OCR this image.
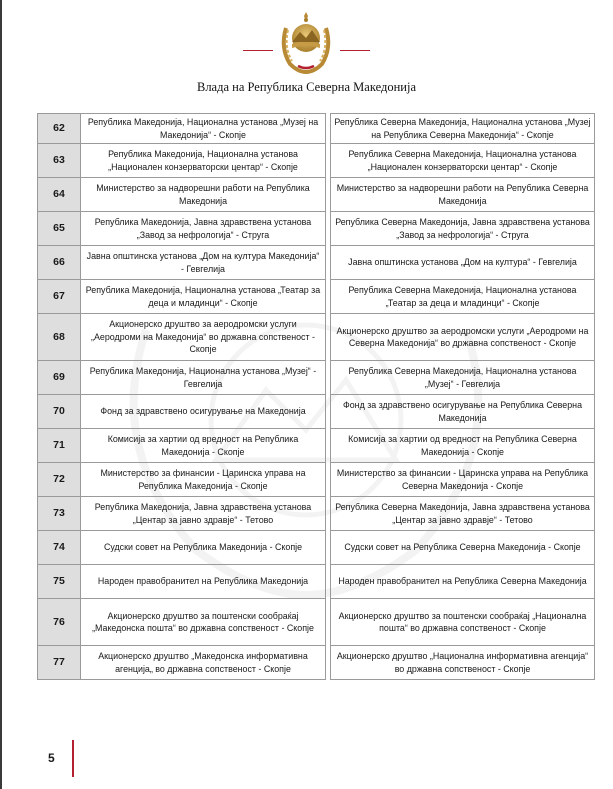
Влада на Република Северна Македонија
62	Република Македонија, Национална установа „Музеј на Македонија“ - Скопје		Република Северна Македонија, Национална установа „Музеј на Република Северна Македонија“ - Скопје
63	Република Македонија, Национална установа „Национален конзерваторски центар“ - Скопје		Република Северна Македонија, Национална установа „Национален конзерваторски центар“ - Скопје
64	Министерство за надворешни работи на Република Македонија		Министерство за надворешни работи на Република Северна Македонија
65	Република Македонија, Јавна здравствена установа „Завод за нефрологија“ - Струга		Република Северна Македонија, Јавна здравствена установа „Завод за нефрологија“ - Струга
66	Јавна општинска установа „Дом на култура Македонија“ - Гевгелија		Јавна општинска установа „Дом на култура“ - Гевгелија
67	Република Македонија, Национална установа „Театар за деца и младинци“ - Скопје		Република Северна Македонија, Национална установа „Театар за деца и младинци“ - Скопје
68	Акционерско друштво за аеродромски услуги „Аеродроми на Македонија“ во државна сопственост - Скопје		Акционерско друштво за аеродромски услуги „Аеродроми на Северна Македонија“ во државна сопственост - Скопје
69	Република Македонија, Национална установа „Музеј“ - Гевгелија		Република Северна Македонија, Национална установа „Музеј“ - Гевгелија
70	Фонд за здравствено осигурување на Македонија		Фонд за здравствено осигурување на Република Северна Македонија
71	Комисија за хартии од вредност на Република Македонија - Скопје		Комисија за хартии од вредност на Република Северна Македонија - Скопје
72	Министерство за финансии - Царинска управа на Република Македонија - Скопје		Министерство за финансии - Царинска управа на Република Северна Македонија - Скопје
73	Република Македонија, Јавна здравствена установа „Центар за јавно здравје“ - Тетово		Република Северна Македонија, Јавна здравствена установа „Центар за јавно здравје“ - Тетово
74	Судски совет на Република Македонија - Скопје		Судски совет на Република Северна Македонија - Скопје
75	Народен правобранител на Република Македонија		Народен правобранител на Република Северна Македонија
76	Акционерско друштво за поштенски сообраќај „Македонска пошта“ во државна сопственост - Скопје		Акционерско друштво за поштенски сообраќај „Национална пошта“ во државна сопственост - Скопје
77	Акционерско друштво „Македонска информативна агенција„ во државна сопственост - Скопје		Акционерско друштво „Национална информативна агенција“ во државна сопственост - Скопје
5
